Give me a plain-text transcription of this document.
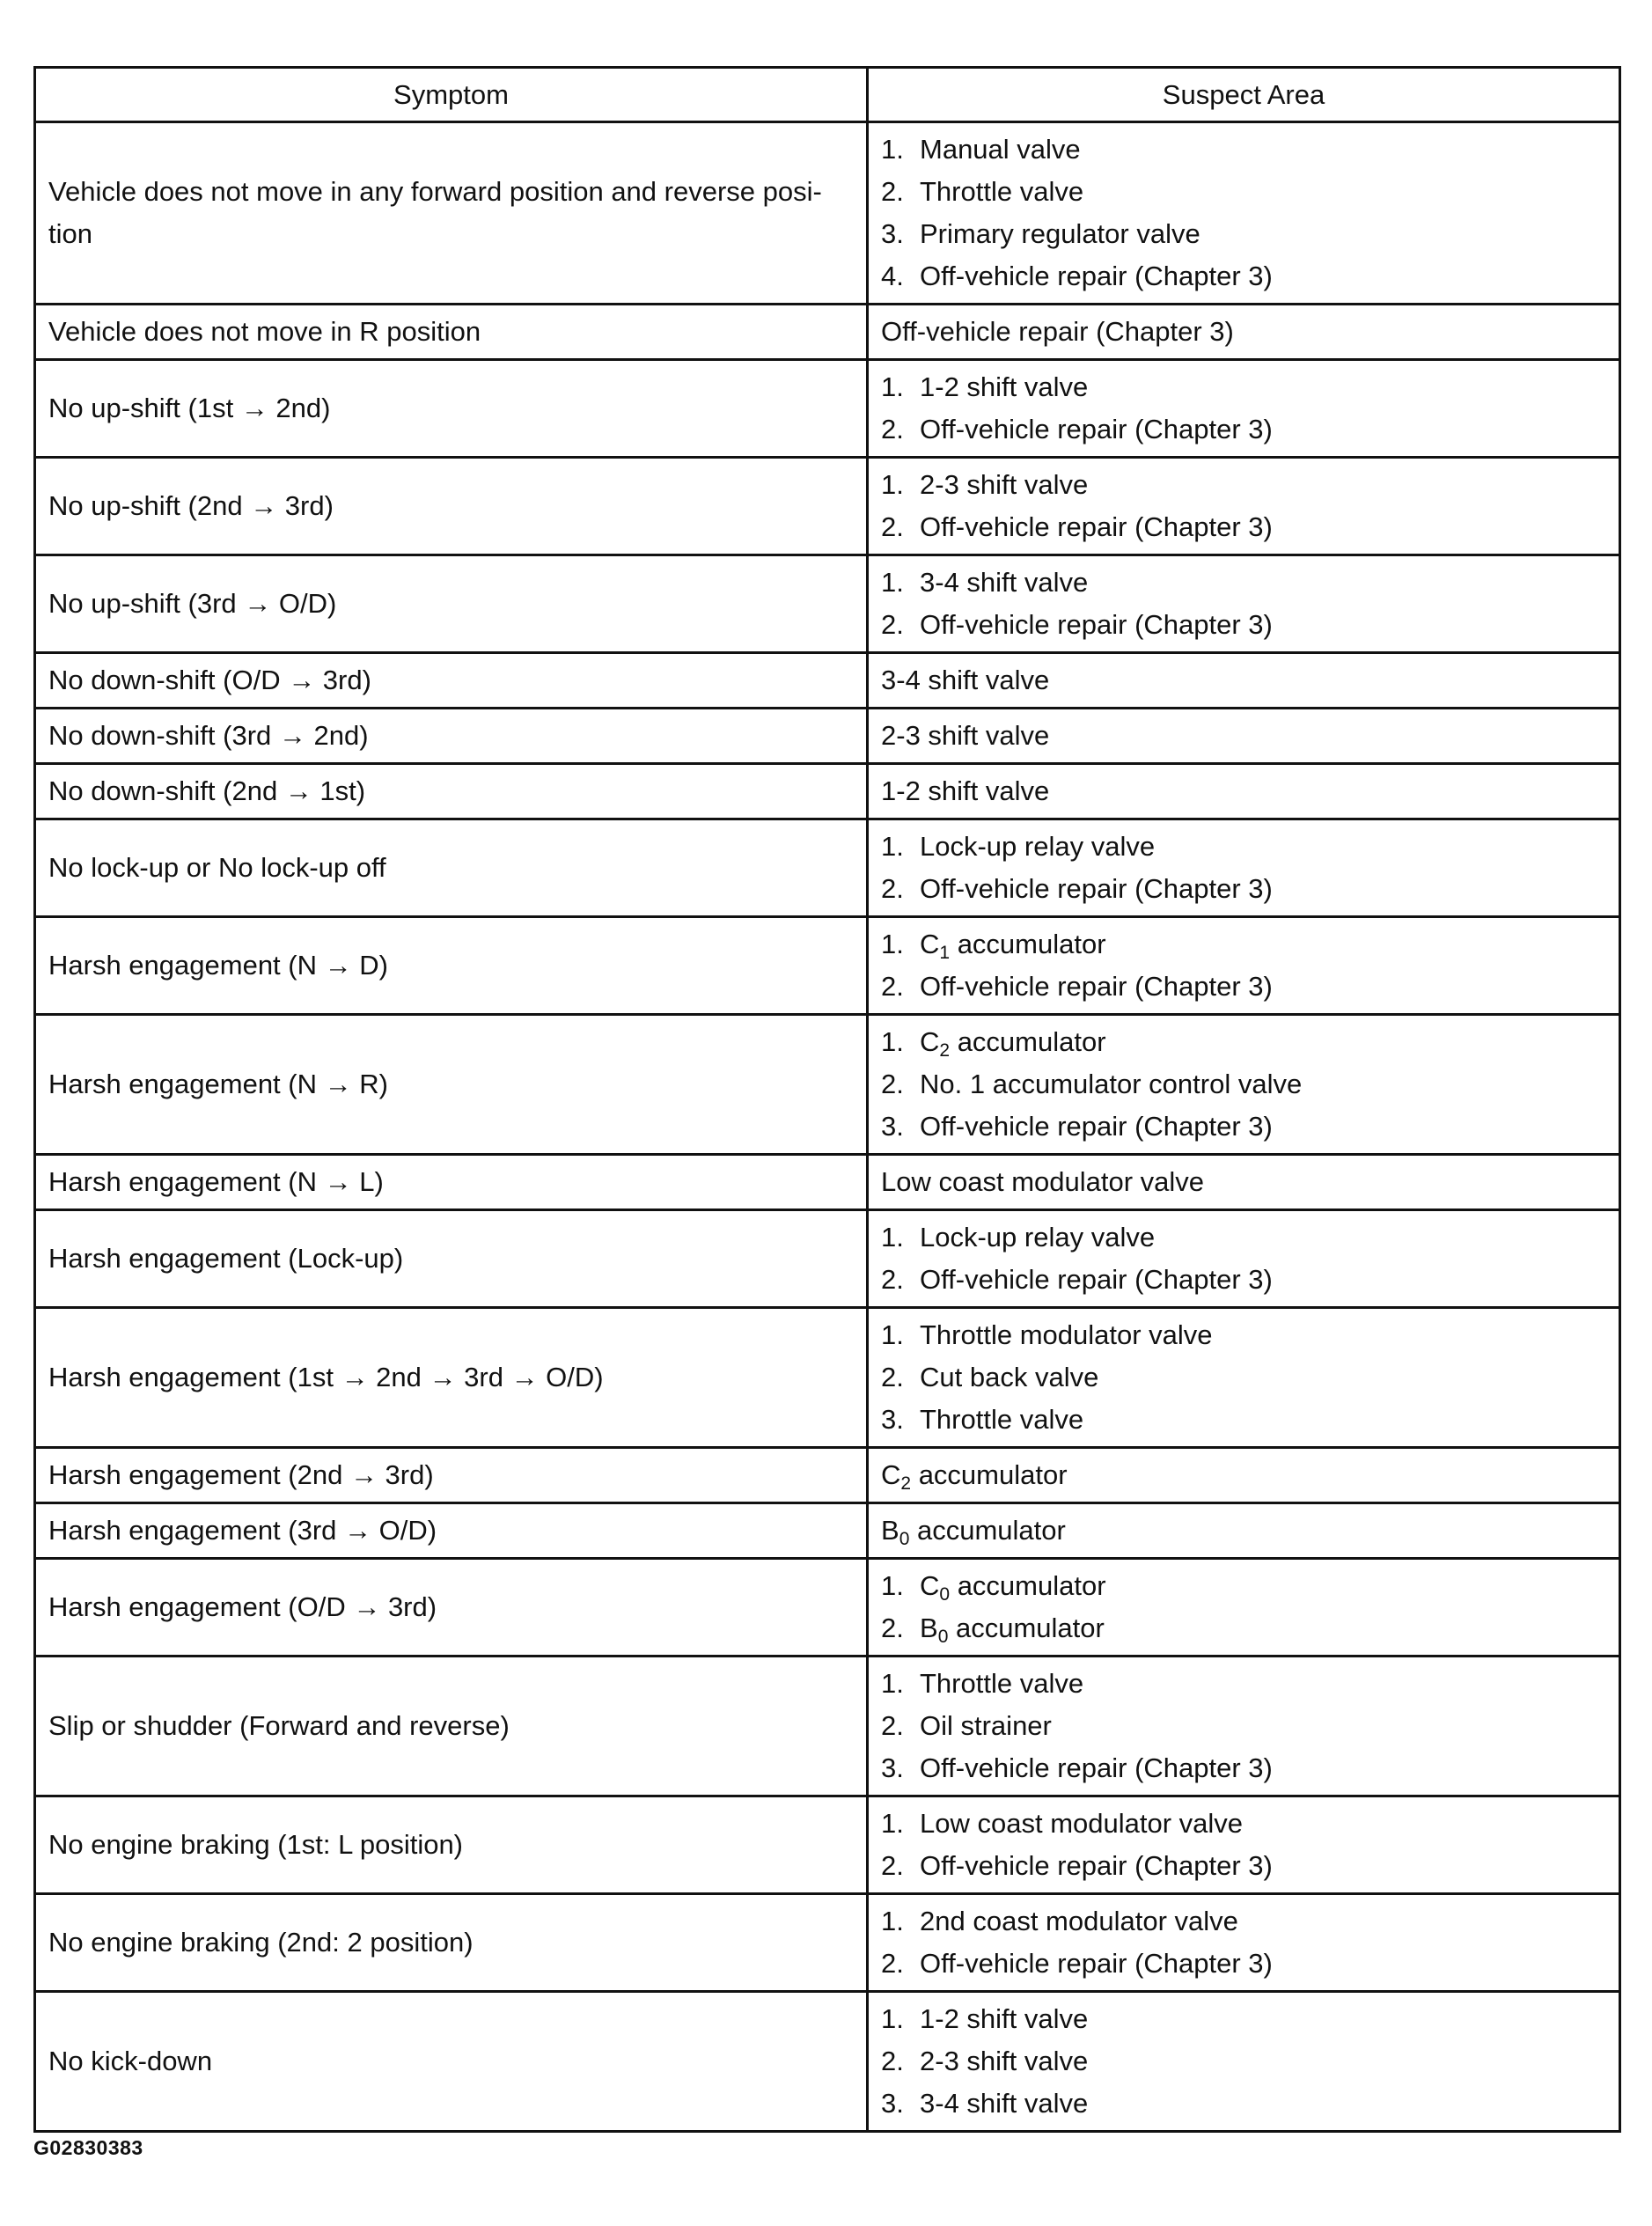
Symptom	Suspect Area
Vehicle does not move in any forward position and reverse posi-tion	1. Manual valve
2. Throttle valve
3. Primary regulator valve
4. Off-vehicle repair (Chapter 3)

Vehicle does not move in R position	Off-vehicle repair (Chapter 3)
No up-shift (1st → 2nd)	1. 1-2 shift valve
2. Off-vehicle repair (Chapter 3)

No up-shift (2nd → 3rd)	1. 2-3 shift valve
2. Off-vehicle repair (Chapter 3)

No up-shift (3rd → O/D)	1. 3-4 shift valve
2. Off-vehicle repair (Chapter 3)

No down-shift (O/D → 3rd)	3-4 shift valve
No down-shift (3rd → 2nd)	2-3 shift valve
No down-shift (2nd → 1st)	1-2 shift valve
No lock-up or No lock-up off	1. Lock-up relay valve
2. Off-vehicle repair (Chapter 3)

Harsh engagement (N → D)	1. $C_1$ accumulator
2. Off-vehicle repair (Chapter 3)

Harsh engagement (N → R)	1. $C_2$ accumulator
2. No. 1 accumulator control valve
3. Off-vehicle repair (Chapter 3)

Harsh engagement (N → L)	Low coast modulator valve
Harsh engagement (Lock-up)	1. Lock-up relay valve
2. Off-vehicle repair (Chapter 3)

Harsh engagement (1st → 2nd → 3rd → O/D)	1. Throttle modulator valve
2. Cut back valve
3. Throttle valve

Harsh engagement (2nd → 3rd)	$C_2$ accumulator
Harsh engagement (3rd → O/D)	$B_0$ accumulator
Harsh engagement (O/D → 3rd)	1. $C_0$ accumulator
2. $B_0$ accumulator

Slip or shudder (Forward and reverse)	1. Throttle valve
2. Oil strainer
3. Off-vehicle repair (Chapter 3)

No engine braking (1st: L position)	1. Low coast modulator valve
2. Off-vehicle repair (Chapter 3)

No engine braking (2nd: 2 position)	1. 2nd coast modulator valve
2. Off-vehicle repair (Chapter 3)

No kick-down	1. 1-2 shift valve
2. 2-3 shift valve
3. 3-4 shift valve
G02830383
